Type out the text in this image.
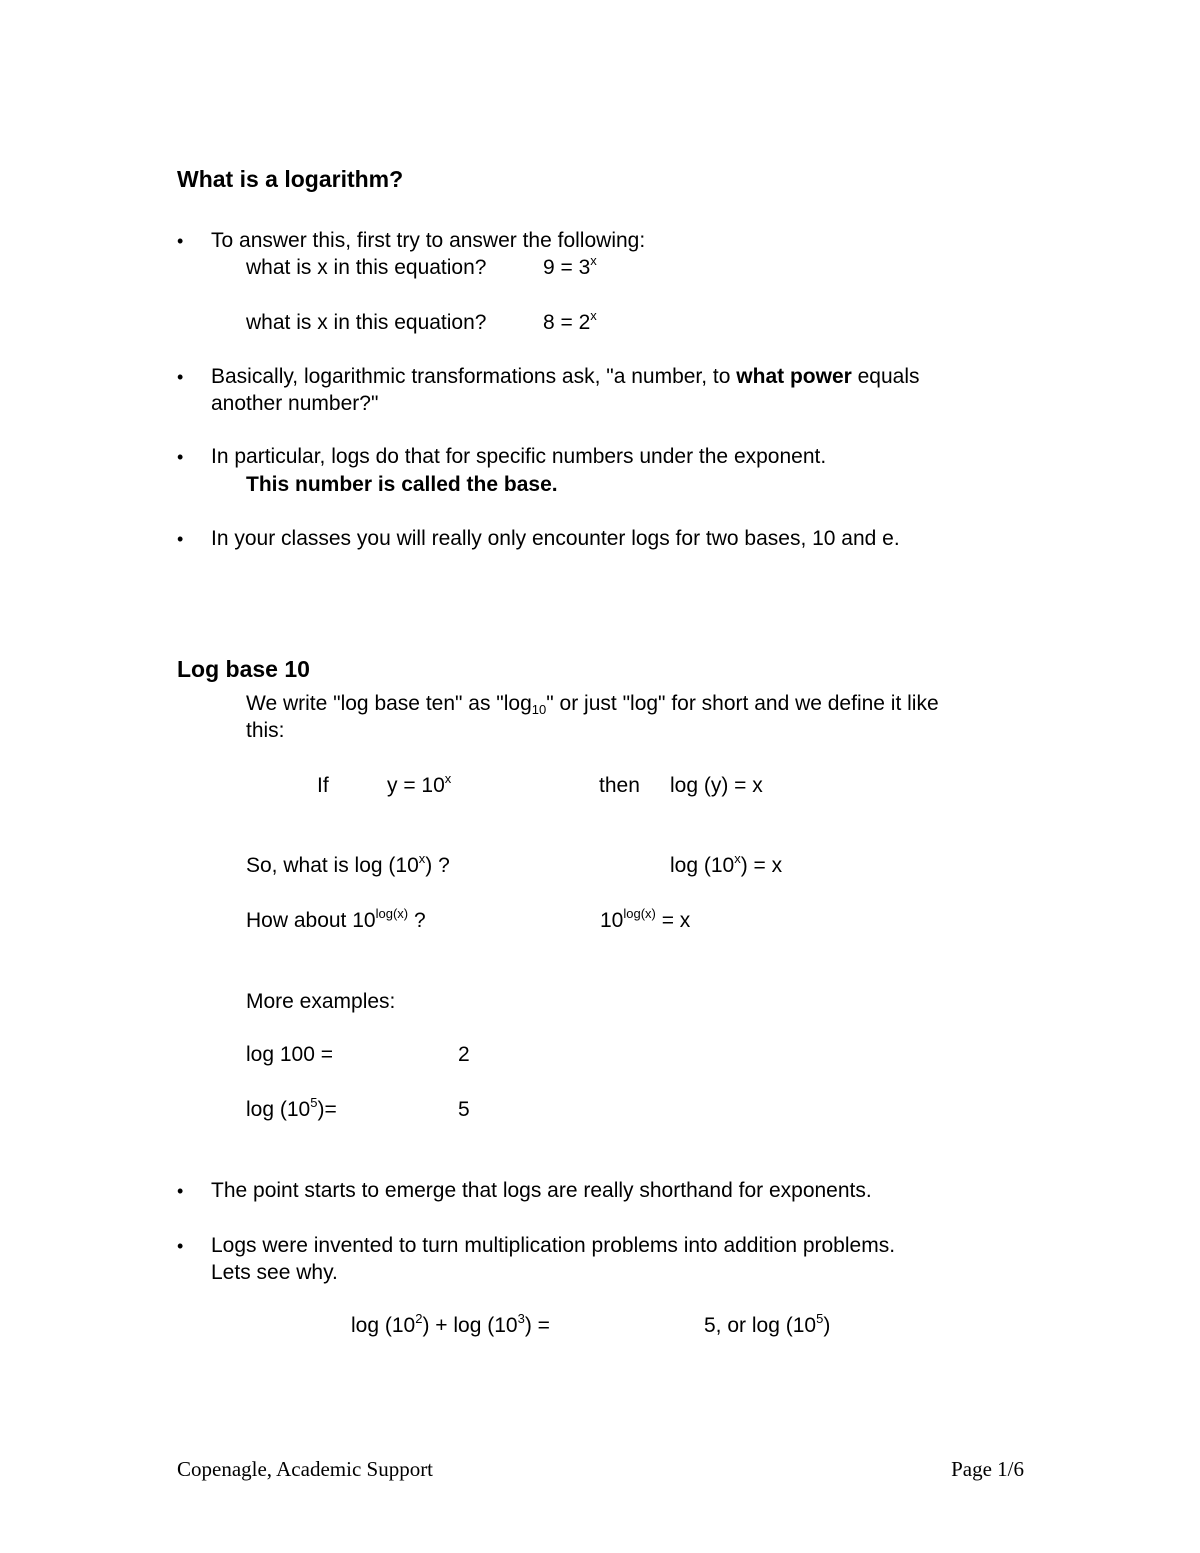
What is a logarithm?
• To answer this, first try to answer the following:
what is x in this equation?	$9 = 3^x$
what is x in this equation?	$8 = 2^x$
• Basically, logarithmic transformations ask, "a number, to what power equals
another number?"
• In particular, logs do that for specific numbers under the exponent.
This number is called the base.
• In your classes you will really only encounter logs for two bases, 10 and e.
Log base 10
We write "log base ten" as "$\log_{10}$" or just "log" for short and we define it like
this:
If	$y = 10^x$	then log (y) = x
So, what is log (10$^x$) ?	$\log (10^x) = x$
How about $10^{log(x)}$ ?	$10^{log(x)} = x$
More examples:
log 100 =	2
$\log (10^5)=$	5
• The point starts to emerge that logs are really shorthand for exponents.
• Logs were invented to turn multiplication problems into addition problems.
Lets see why.
$\log (10^2) + \log (10^3)$ =	5, or $\log (10^5)$
Copenagle, Academic Support	Page 1/6
